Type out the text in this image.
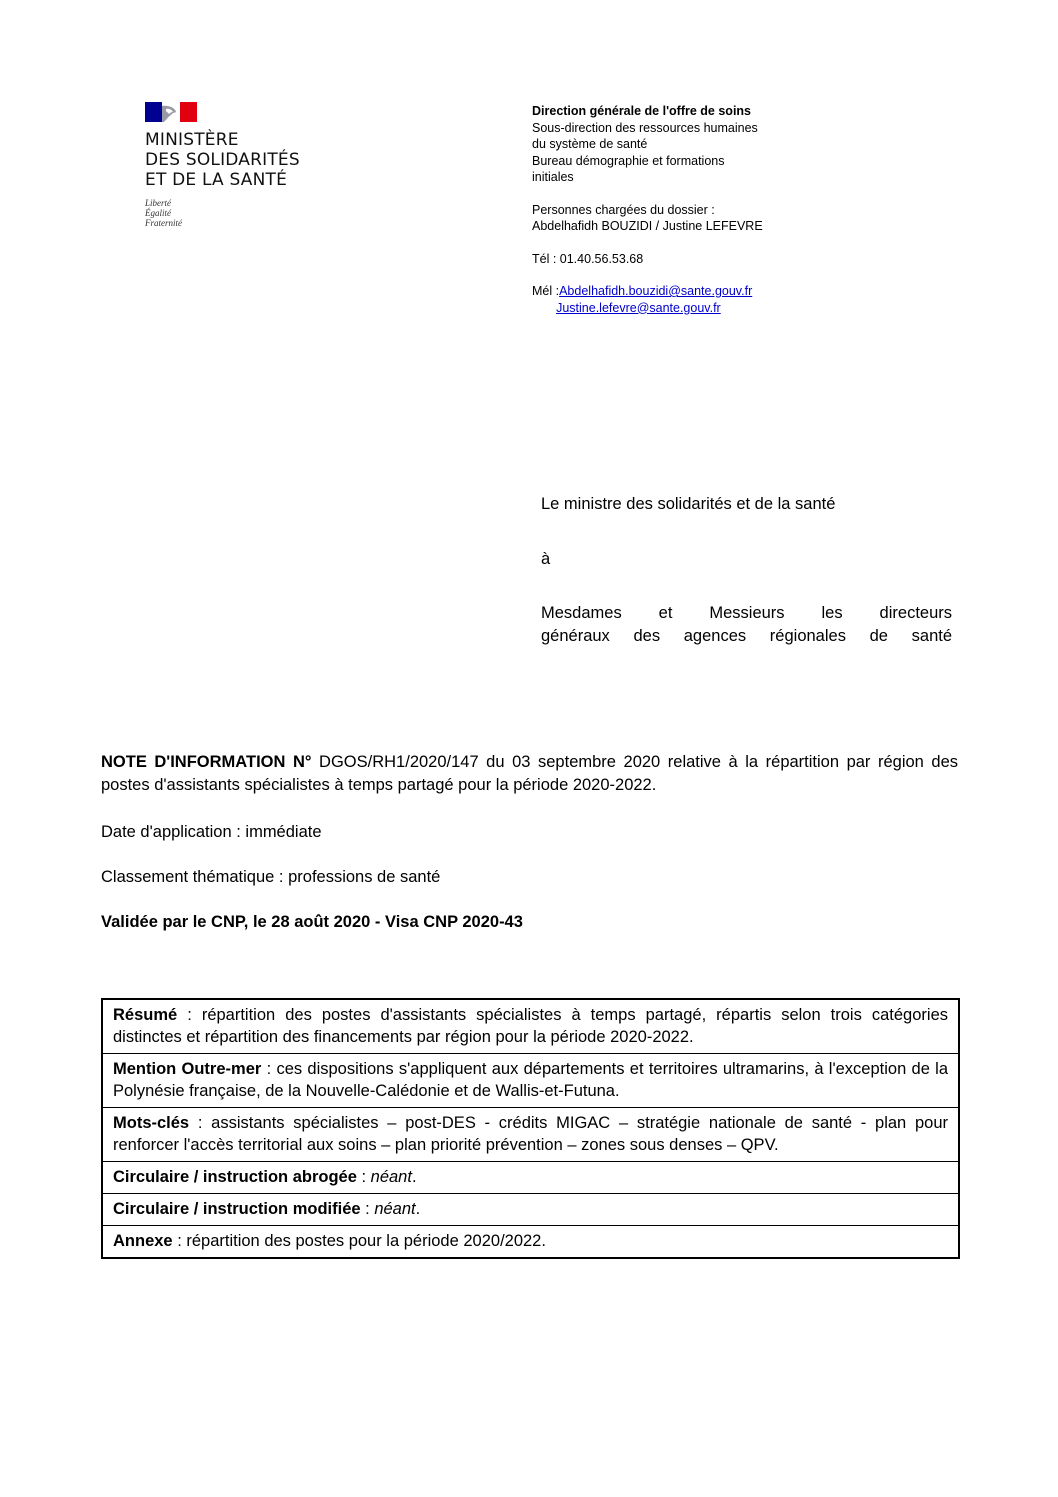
MINISTÈRE
DES SOLIDARITÉS
ET DE LA SANTÉ
Liberté
Égalité
Fraternité
Direction générale de l'offre de soins
Sous-direction des ressources humaines
du système de santé
Bureau démographie et formations
initiales
Personnes chargées du dossier :
Abdelhafidh BOUZIDI / Justine LEFEVRE
Tél : 01.40.56.53.68
Mél : Abdelhafidh.bouzidi@sante.gouv.fr
Justine.lefevre@sante.gouv.fr
Le ministre des solidarités et de la santé
à
Mesdames et Messieurs les directeurs
généraux des agences régionales de santé
NOTE D'INFORMATION N° DGOS/RH1/2020/147 du 03 septembre 2020 relative à la répartition par région des postes d'assistants spécialistes à temps partagé pour la période 2020-2022.
Date d'application : immédiate
Classement thématique : professions de santé
Validée par le CNP, le 28 août 2020 - Visa CNP 2020-43
Résumé : répartition des postes d'assistants spécialistes à temps partagé, répartis selon trois catégories distinctes et répartition des financements par région pour la période 2020-2022.
Mention Outre-mer : ces dispositions s'appliquent aux départements et territoires ultramarins, à l'exception de la Polynésie française, de la Nouvelle-Calédonie et de Wallis-et-Futuna.
Mots-clés : assistants spécialistes – post-DES - crédits MIGAC – stratégie nationale de santé - plan pour renforcer l'accès territorial aux soins – plan priorité prévention – zones sous denses – QPV.
Circulaire / instruction abrogée : néant.
Circulaire / instruction modifiée : néant.
Annexe : répartition des postes pour la période 2020/2022.
